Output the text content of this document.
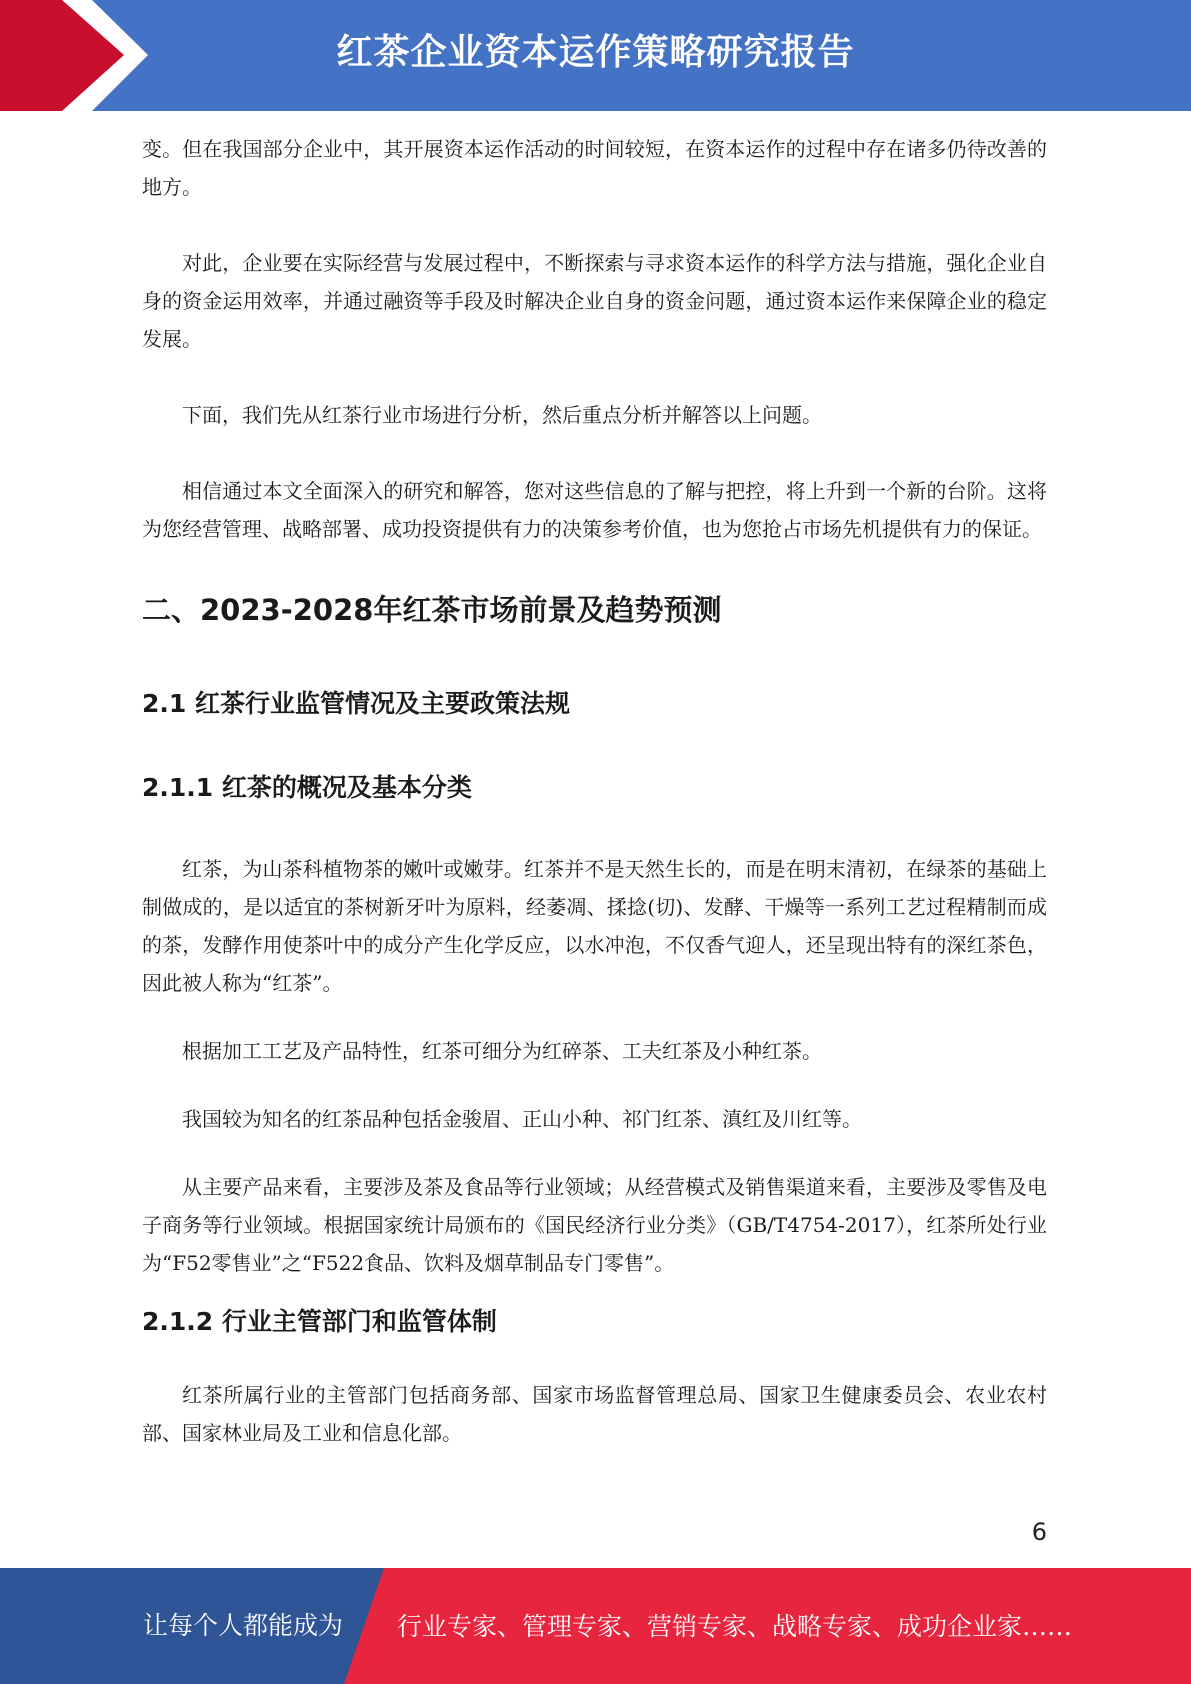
红茶企业资本运作策略研究报告

变。但在我国部分企业中，其开展资本运作活动的时间较短，在资本运作的过程中存在诸多仍待改善的地方。

对此，企业要在实际经营与发展过程中，不断探索与寻求资本运作的科学方法与措施，强化企业自身的资金运用效率，并通过融资等手段及时解决企业自身的资金问题，通过资本运作来保障企业的稳定发展。

下面，我们先从红茶行业市场进行分析，然后重点分析并解答以上问题。

相信通过本文全面深入的研究和解答，您对这些信息的了解与把控，将上升到一个新的台阶。这将为您经营管理、战略部署、成功投资提供有力的决策参考价值，也为您抢占市场先机提供有力的保证。

二、2023-2028年红茶市场前景及趋势预测
2.1 红茶行业监管情况及主要政策法规
2.1.1 红茶的概况及基本分类

红茶，为山茶科植物茶的嫩叶或嫩芽。红茶并不是天然生长的，而是在明末清初，在绿茶的基础上制做成的，是以适宜的茶树新牙叶为原料，经萎凋、揉捻(切)、发酵、干燥等一系列工艺过程精制而成的茶，发酵作用使茶叶中的成分产生化学反应，以水冲泡，不仅香气迎人，还呈现出特有的深红茶色，因此被人称为“红茶”。

根据加工工艺及产品特性，红茶可细分为红碎茶、工夫红茶及小种红茶。

我国较为知名的红茶品种包括金骏眉、正山小种、祁门红茶、滇红及川红等。

从主要产品来看，主要涉及茶及食品等行业领域；从经营模式及销售渠道来看，主要涉及零售及电子商务等行业领域。根据国家统计局颁布的《国民经济行业分类》（GB/T4754-2017），红茶所处行业为“F52零售业”之“F522食品、饮料及烟草制品专门零售”。

2.1.2 行业主管部门和监管体制

红茶所属行业的主管部门包括商务部、国家市场监督管理总局、国家卫生健康委员会、农业农村部、国家林业局及工业和信息化部。

6
让每个人都能成为 行业专家、管理专家、营销专家、战略专家、成功企业家……
